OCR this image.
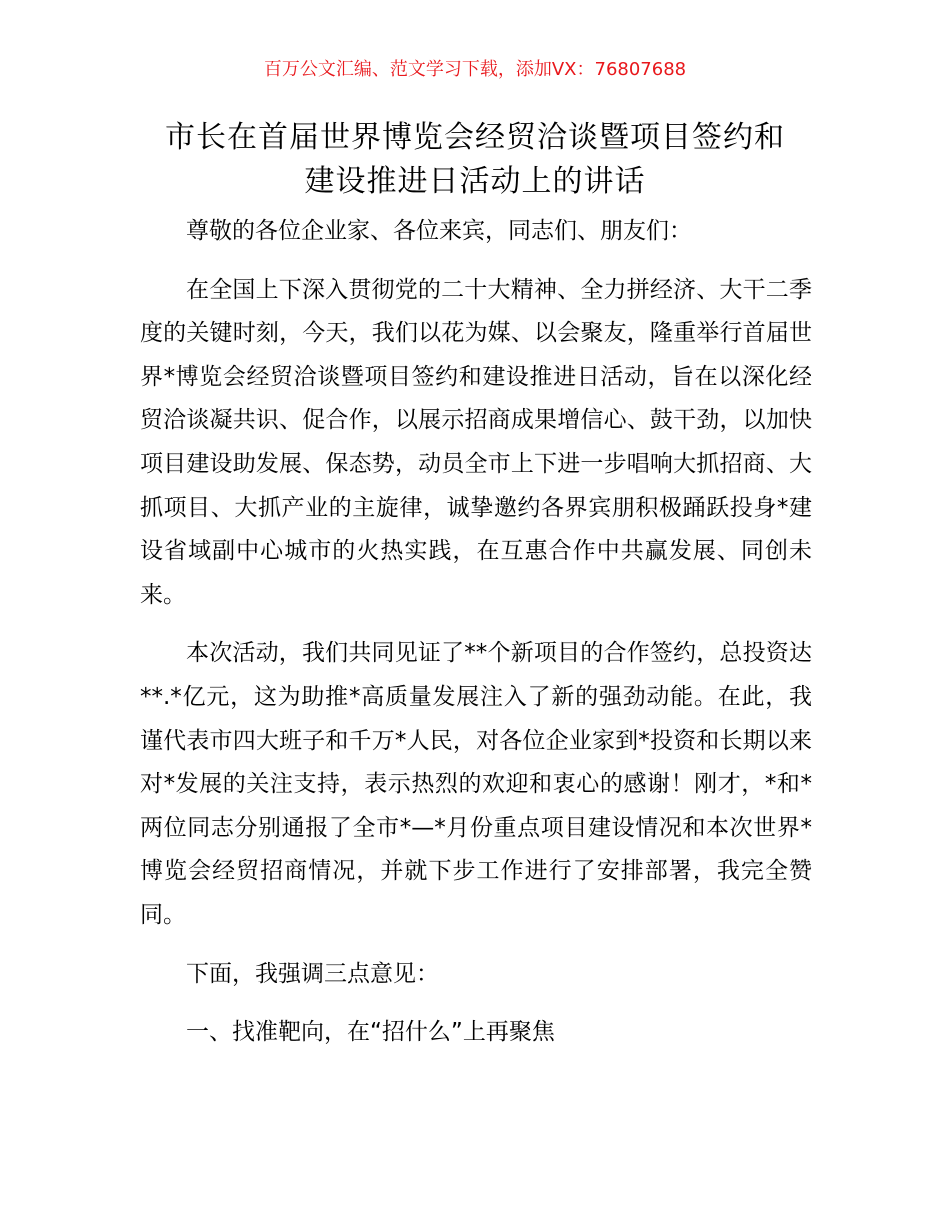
百万公文汇编、范文学习下载，添加VX：76807688
市长在首届世界博览会经贸洽谈暨项目签约和
建设推进日活动上的讲话

尊敬的各位企业家、各位来宾，同志们、朋友们：

在全国上下深入贯彻党的二十大精神、全力拼经济、大干二季度的关键时刻，今天，我们以花为媒、以会聚友，隆重举行首届世界*博览会经贸洽谈暨项目签约和建设推进日活动，旨在以深化经贸洽谈凝共识、促合作，以展示招商成果增信心、鼓干劲，以加快项目建设助发展、保态势，动员全市上下进一步唱响大抓招商、大抓项目、大抓产业的主旋律，诚挚邀约各界宾朋积极踊跃投身*建设省域副中心城市的火热实践，在互惠合作中共赢发展、同创未来。

本次活动，我们共同见证了**个新项目的合作签约，总投资达**.*亿元，这为助推*高质量发展注入了新的强劲动能。在此，我谨代表市四大班子和千万*人民，对各位企业家到*投资和长期以来对*发展的关注支持，表示热烈的欢迎和衷心的感谢！刚才，*和*两位同志分别通报了全市*—*月份重点项目建设情况和本次世界*博览会经贸招商情况，并就下步工作进行了安排部署，我完全赞同。

下面，我强调三点意见：

一、找准靶向，在“招什么”上再聚焦
